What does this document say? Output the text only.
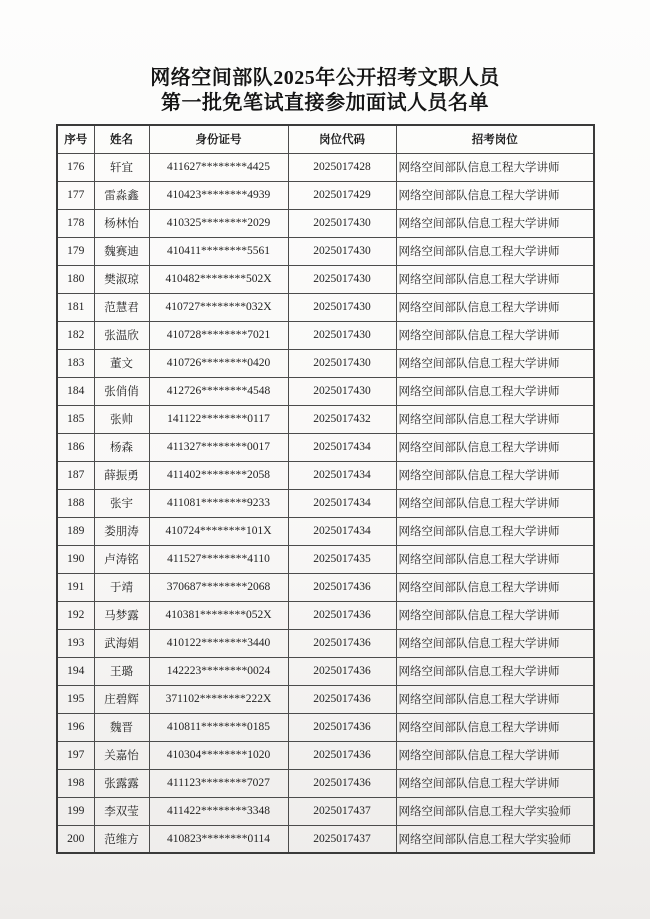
网络空间部队2025年公开招考文职人员
第一批免笔试直接参加面试人员名单
序号	姓名	身份证号	岗位代码	招考岗位
176	轩宜	411627********4425	2025017428	网络空间部队信息工程大学讲师
177	雷淼鑫	410423********4939	2025017429	网络空间部队信息工程大学讲师
178	杨林怡	410325********2029	2025017430	网络空间部队信息工程大学讲师
179	魏赛迪	410411********5561	2025017430	网络空间部队信息工程大学讲师
180	樊淑琼	410482********502X	2025017430	网络空间部队信息工程大学讲师
181	范慧君	410727********032X	2025017430	网络空间部队信息工程大学讲师
182	张温欣	410728********7021	2025017430	网络空间部队信息工程大学讲师
183	董文	410726********0420	2025017430	网络空间部队信息工程大学讲师
184	张俏俏	412726********4548	2025017430	网络空间部队信息工程大学讲师
185	张帅	141122********0117	2025017432	网络空间部队信息工程大学讲师
186	杨森	411327********0017	2025017434	网络空间部队信息工程大学讲师
187	薛振勇	411402********2058	2025017434	网络空间部队信息工程大学讲师
188	张宇	411081********9233	2025017434	网络空间部队信息工程大学讲师
189	娄朋涛	410724********101X	2025017434	网络空间部队信息工程大学讲师
190	卢涛铭	411527********4110	2025017435	网络空间部队信息工程大学讲师
191	于靖	370687********2068	2025017436	网络空间部队信息工程大学讲师
192	马梦露	410381********052X	2025017436	网络空间部队信息工程大学讲师
193	武海娟	410122********3440	2025017436	网络空间部队信息工程大学讲师
194	王璐	142223********0024	2025017436	网络空间部队信息工程大学讲师
195	庄碧辉	371102********222X	2025017436	网络空间部队信息工程大学讲师
196	魏晋	410811********0185	2025017436	网络空间部队信息工程大学讲师
197	关嘉怡	410304********1020	2025017436	网络空间部队信息工程大学讲师
198	张露露	411123********7027	2025017436	网络空间部队信息工程大学讲师
199	李双莹	411422********3348	2025017437	网络空间部队信息工程大学实验师
200	范维方	410823********0114	2025017437	网络空间部队信息工程大学实验师
